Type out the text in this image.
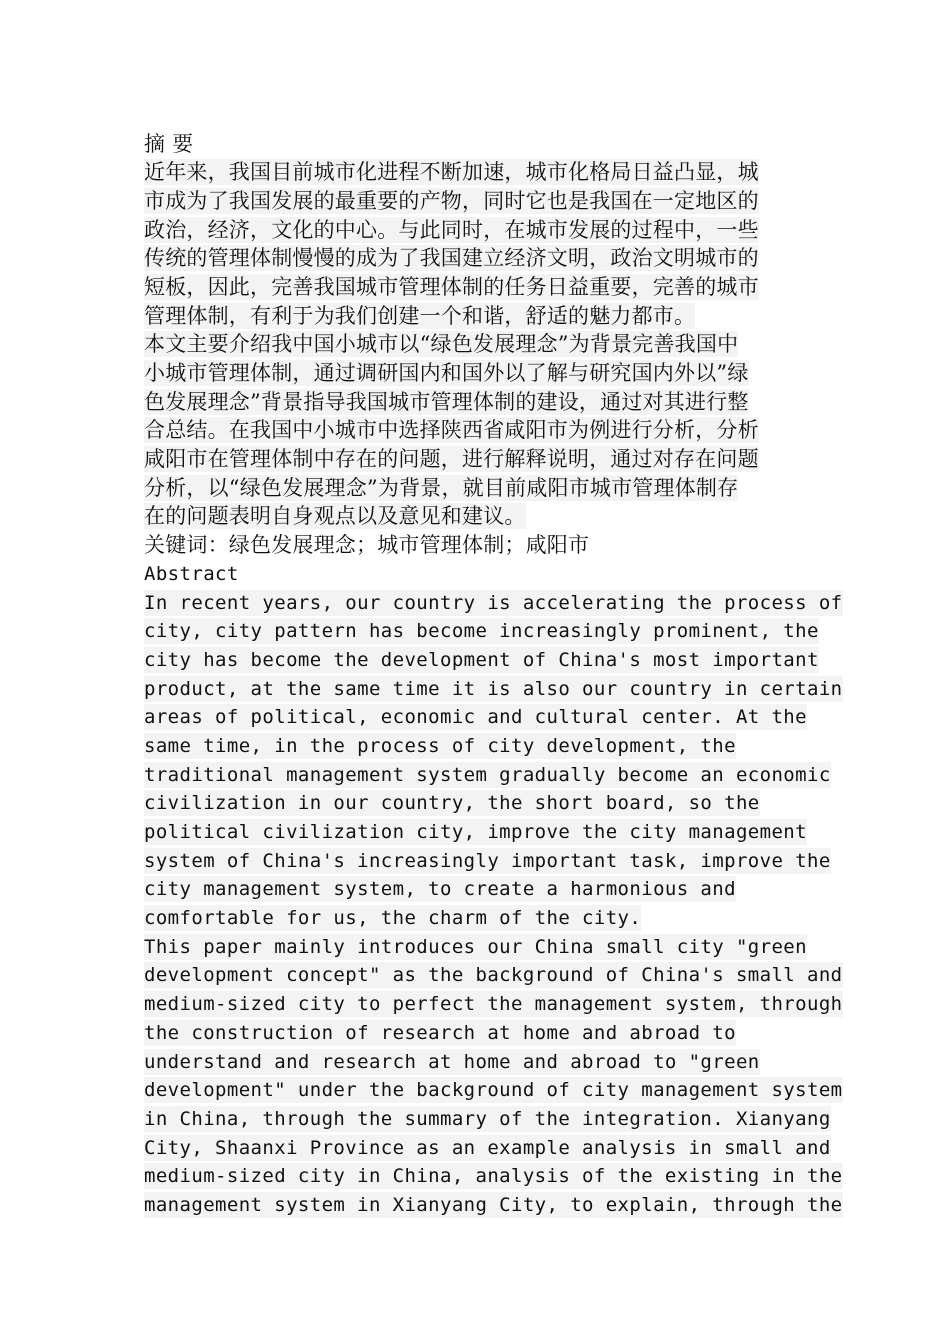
摘 要
近年来，我国目前城市化进程不断加速，城市化格局日益凸显，城
市成为了我国发展的最重要的产物，同时它也是我国在一定地区的
政治，经济，文化的中心。与此同时，在城市发展的过程中，一些
传统的管理体制慢慢的成为了我国建立经济文明，政治文明城市的
短板，因此，完善我国城市管理体制的任务日益重要，完善的城市
管理体制，有利于为我们创建一个和谐，舒适的魅力都市。
本文主要介绍我中国小城市以“绿色发展理念”为背景完善我国中
小城市管理体制，通过调研国内和国外以了解与研究国内外以”绿
色发展理念”背景指导我国城市管理体制的建设，通过对其进行整
合总结。在我国中小城市中选择陕西省咸阳市为例进行分析，分析
咸阳市在管理体制中存在的问题，进行解释说明，通过对存在问题
分析，以“绿色发展理念”为背景，就目前咸阳市城市管理体制存
在的问题表明自身观点以及意见和建议。
关键词：绿色发展理念；城市管理体制；咸阳市
Abstract
In recent years, our country is accelerating the process of
city, city pattern has become increasingly prominent, the
city has become the development of China's most important
product, at the same time it is also our country in certain
areas of political, economic and cultural center. At the
same time, in the process of city development, the
traditional management system gradually become an economic
civilization in our country, the short board, so the
political civilization city, improve the city management
system of China's increasingly important task, improve the
city management system, to create a harmonious and
comfortable for us, the charm of the city.
This paper mainly introduces our China small city "green
development concept" as the background of China's small and
medium-sized city to perfect the management system, through
the construction of research at home and abroad to
understand and research at home and abroad to "green
development" under the background of city management system
in China, through the summary of the integration. Xianyang
City, Shaanxi Province as an example analysis in small and
medium-sized city in China, analysis of the existing in the
management system in Xianyang City, to explain, through the
